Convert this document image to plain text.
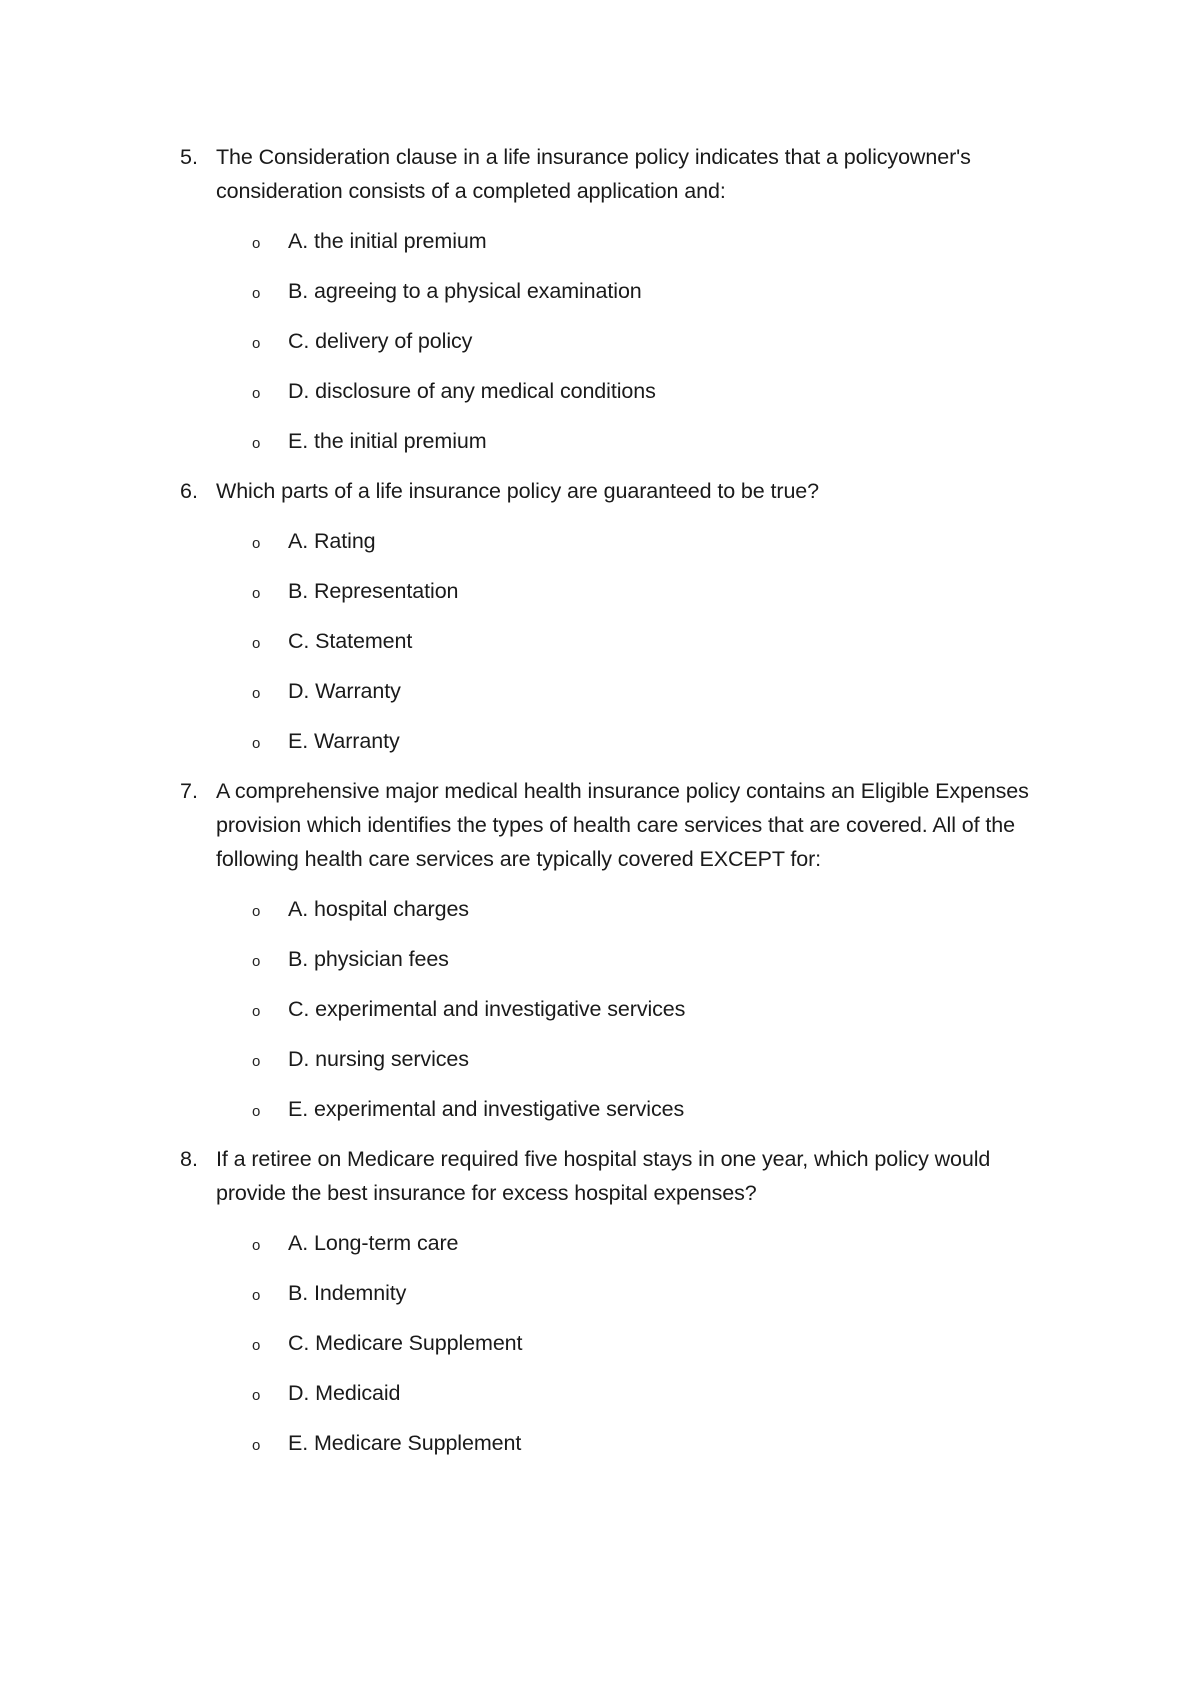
5. The Consideration clause in a life insurance policy indicates that a policyowner's consideration consists of a completed application and:
o	A. the initial premium
o	B. agreeing to a physical examination
o	C. delivery of policy
o	D. disclosure of any medical conditions
o	E. the initial premium
6. Which parts of a life insurance policy are guaranteed to be true?
o	A. Rating
o	B. Representation
o	C. Statement
o	D. Warranty
o	E. Warranty
7. A comprehensive major medical health insurance policy contains an Eligible Expenses provision which identifies the types of health care services that are covered. All of the following health care services are typically covered EXCEPT for:
o	A. hospital charges
o	B. physician fees
o	C. experimental and investigative services
o	D. nursing services
o	E. experimental and investigative services
8. If a retiree on Medicare required five hospital stays in one year, which policy would provide the best insurance for excess hospital expenses?
o	A. Long-term care
o	B. Indemnity
o	C. Medicare Supplement
o	D. Medicaid
o	E. Medicare Supplement
